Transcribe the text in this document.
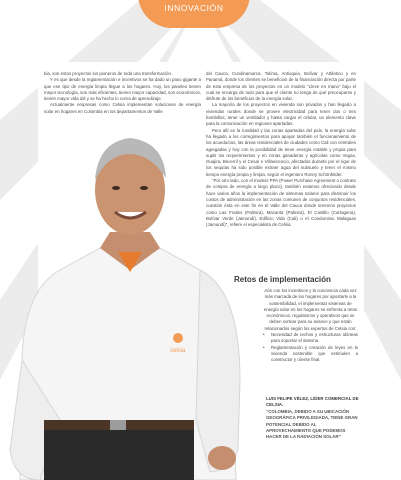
INNOVACIÓN

bia, son estos proyectos los pioneros de toda una transformación.

Y es que desde la reglamentación e incentivos se ha dado un paso gigante a que ese tipo de energía limpia llegue a los hogares. Hoy, los paneles tienen mayor tecnología, son más eficientes, tienen mayor capacidad, son económicos, tienen mayor vida útil y se ha hecho lo curva de aprendizaje.

Actualmente empresas como Celsia implementan soluciones de energía solar en hogares en Colombia en los departamentos de Valle

del Cauca, Cundinamarca, Tolima, Antioquia, Bolívar y Atlántico y en Panamá, donde los clientes se benefician de la financiación directa por parte de esta empresa de los proyectos en un modelo “Lleve en mano” bajo el cual se encarga de todo para que el cliente no tenga de qué preocuparse y disfrute de los beneficios de la energía solar.

La mayoría de los proyectos en vivienda son privados y han llegado a viviendas rurales donde se provee electricidad para tener dos o tres bombillos, tener un ventilador y hasta cargar el celular, un elemento clave para la comunicación en regiones apartadas.

Pero allí en la ruralidad y las zonas apartadas del país, la energía solar ha llegado a los corregimientos para apoyar también el funcionamiento de los acueductos, las áreas residenciales de ciudades como Cali con centrales agregadas y hoy con la posibilidad de tener energía estable y propia para suplir los requerimientos y en zonas ganaderas y agrícolas como Vegas, Guajira, Becerril y el Cesar e Villavicencio, afectados durante por el rigor de los sequías ha sido posible extraer agua del subsuelo y tener el mismo tiempo energía propia y limpia, según el ingeniero Ronny Schönfelder.

“Por otro lado, con el modelo PPA (Power Purchase Agreement o contrato de compra de energía a largo plazo), también estamos ofreciendo desde hace varios años la implementación de sistemas solares para disminuir los costos de administración en las zonas comunes de conjuntos residenciales, cuestión ésta en este fin en el Valle del Cauca donde tenemos proyectos como Las Frailes (Palmira), Macanta (Palmira), El Castillo (Cartagena), Bolívar Verde (Jamundí), Edificio Vida (Cali) o el Condominio Malaguas (Jamundí)”, refiere el especialista de Celsia.

celsia
Retos de implementación

Aún con los incentivos y la conciencia cada vez más marcada de los hogares por apostarle a la sostenibilidad, el implementar sistemas de energía solar en los hogares se enfrenta a retos económicos, regulatorios y operativos que se deben sortear para su avance y que están relacionados según los expertos de Celsia con:

•	Necesidad de techos y estructuras idóneas para soportar el sistema.
•	Reglamentación y creación de leyes en la vivienda sostenible que estimulen a constructor y cliente final.
LUIS FELIPE VÉLEZ, LÍDER COMERCIAL DE CELSIA.
“COLOMBIA, DEBIDO A SU UBICACIÓN GEOGRÁFICA PRIVILEGIADA, TIENE GRAN POTENCIAL DEBIDO AL APROVECHAMIENTO QUE PODEMOS HACER DE LA RADIACIÓN SOLAR”
